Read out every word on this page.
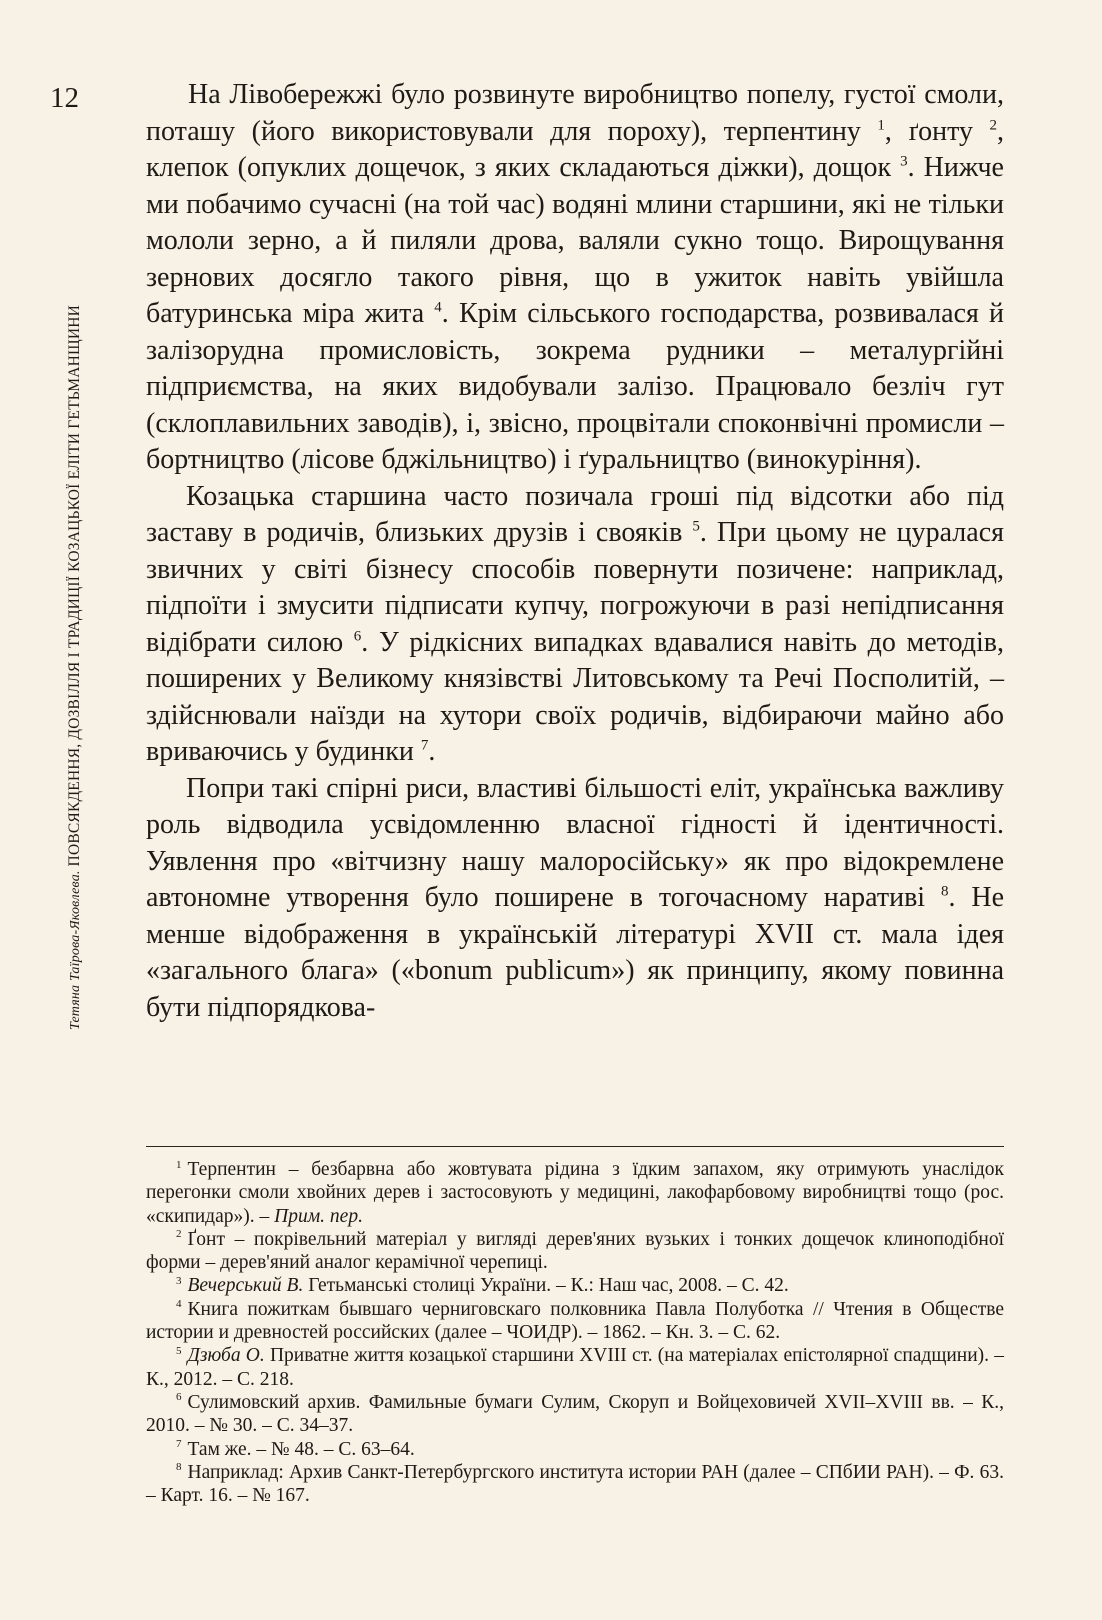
12
Тетяна Таїрова-Яковлева. ПОВСЯКДЕННЯ, ДОЗВІЛЛЯ І ТРАДИЦІЇ КОЗАЦЬКОЇ ЕЛІТИ ГЕТЬМАНЩИНИ

На Лівобережжі було розвинуте виробництво попелу, густої смоли, поташу (його використовували для пороху), терпентину $^1$, ґонту $^2$, клепок (опуклих дощечок, з яких складаються діжки), дощок $^3$. Нижче ми побачимо сучасні (на той час) водяні млини старшини, які не тільки мололи зерно, а й пиляли дрова, валяли сукно тощо. Вирощування зернових досягло такого рівня, що в ужиток навіть увійшла батуринська міра жита $^4$. Крім сільського господарства, розвивалася й залізорудна промисловість, зокрема рудники – металургійні підприємства, на яких видобували залізо. Працювало безліч гут (склоплавильних заводів), і, звісно, процвітали споконвічні промисли – бортництво (лісове бджільництво) і ґуральництво (винокуріння).

Козацька старшина часто позичала гроші під відсотки або під заставу в родичів, близьких друзів і свояків $^5$. При цьому не цуралася звичних у світі бізнесу способів повернути позичене: наприклад, підпоїти і змусити підписати купчу, погрожуючи в разі непідписання відібрати силою $^6$. У рідкісних випадках вдавалися навіть до методів, поширених у Великому князівстві Литовському та Речі Посполитій, – здійснювали наїзди на хутори своїх родичів, відбираючи майно або вриваючись у будинки $^7$.

Попри такі спірні риси, властиві більшості еліт, українська важливу роль відводила усвідомленню власної гідності й ідентичності. Уявлення про «вітчизну нашу малоросійську» як про відокремлене автономне утворення було поширене в тогочасному наративі $^8$. Не менше відображення в українській літературі XVII ст. мала ідея «загального блага» («bonum publicum») як принципу, якому повинна бути підпорядкова-

$^1$ Терпентин – безбарвна або жовтувата рідина з їдким запахом, яку отримують унаслідок перегонки смоли хвойних дерев і застосовують у медицині, лакофарбовому виробництві тощо (рос. «скипидар»). – Прим. пер.

$^2$ Ґонт – покрівельний матеріал у вигляді дерев'яних вузьких і тонких дощечок клиноподібної форми – дерев'яний аналог керамічної черепиці.

$^3$ Вечерський В. Гетьманські столиці України. – К.: Наш час, 2008. – С. 42.

$^4$ Книга пожиткам бывшаго черниговскаго полковника Павла Полуботка // Чтения в Обществе истории и древностей российских (далее – ЧОИДР). – 1862. – Кн. 3. – С. 62.

$^5$ Дзюба О. Приватне життя козацької старшини XVIII ст. (на матеріалах епістолярної спадщини). – К., 2012. – С. 218.

$^6$ Сулимовский архив. Фамильные бумаги Сулим, Скоруп и Войцеховичей XVII–XVIII вв. – К., 2010. – № 30. – С. 34–37.

$^7$ Там же. – № 48. – С. 63–64.

$^8$ Наприклад: Архив Санкт-Петербургского института истории РАН (далее – СПбИИ РАН). – Ф. 63. – Карт. 16. – № 167.
